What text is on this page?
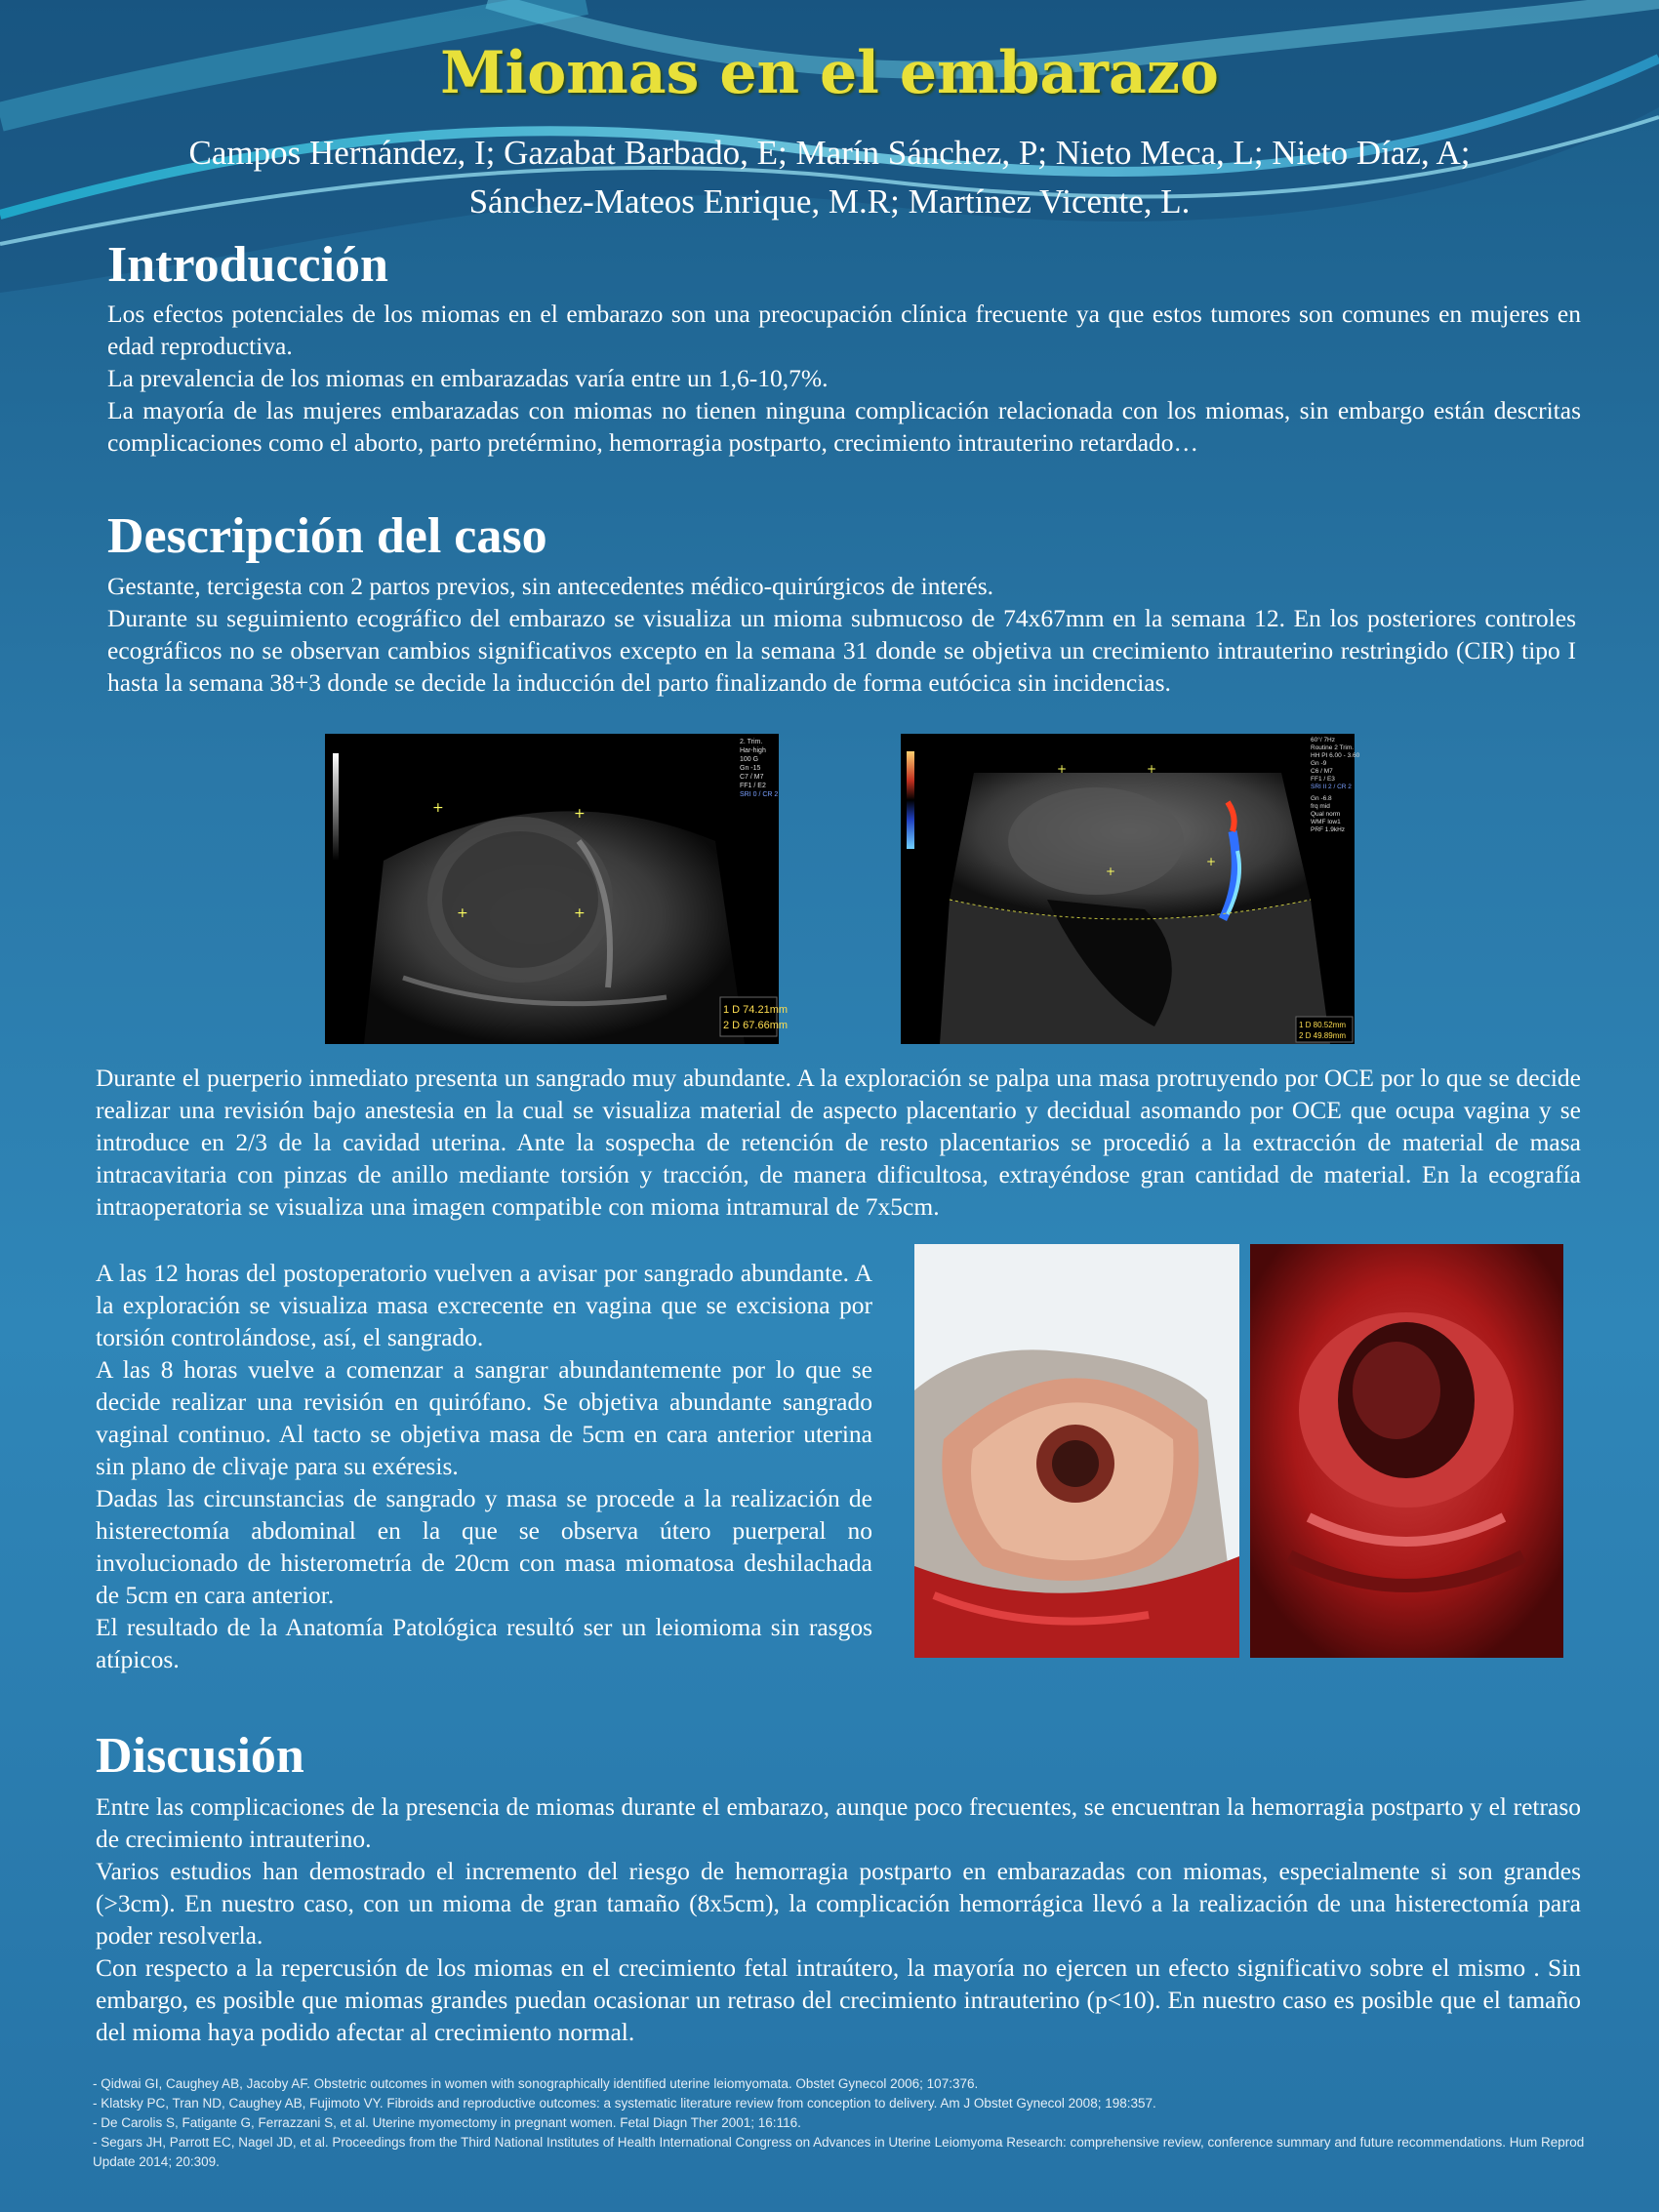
Miomas en el embarazo
Campos Hernández, I; Gazabat Barbado, E; Marín Sánchez, P; Nieto Meca, L; Nieto Díaz, A; Sánchez-Mateos Enrique, M.R; Martínez Vicente, L.
Introducción
Los efectos potenciales de los miomas en el embarazo son una preocupación clínica frecuente ya que estos tumores son comunes en mujeres en edad reproductiva.
La prevalencia de los miomas en embarazadas varía entre un 1,6-10,7%.
La mayoría de las mujeres embarazadas con miomas no tienen ninguna complicación relacionada con los miomas, sin embargo están descritas complicaciones como el aborto, parto pretérmino, hemorragia postparto, crecimiento intrauterino retardado…
Descripción del caso
Gestante, tercigesta con 2 partos previos, sin antecedentes médico-quirúrgicos de interés.
Durante su seguimiento ecográfico del embarazo se visualiza un mioma submucoso de 74x67mm en la semana 12. En los posteriores controles ecográficos no se observan cambios significativos excepto en la semana 31 donde se objetiva un crecimiento intrauterino restringido (CIR) tipo I hasta la semana 38+3 donde se decide la inducción del parto finalizando de forma eutócica sin incidencias.
+	+
+	+
1 D 74.21mm
2 D 67.66mm
2. Trim.
Har-high
100 G
Gn -15
C7 / M7
FF1 / E2
SRI 0 / CR 2
+	+
+
+
1 D 80.52mm
2 D 49.89mm
60°/ 7Hz
Routine 2 Trim.
HH PI 6.00 - 3.60
Gn -9
C6 / M7
FF1 / E3
SRI II 2 / CR 2
Gn -6.8
frq mid
Qual norm
WMF low1
PRF 1.9kHz
Durante el puerperio inmediato presenta un sangrado muy abundante. A la exploración se palpa una masa protruyendo por OCE por lo que se decide realizar una revisión bajo anestesia en la cual se visualiza material de aspecto placentario y decidual asomando por OCE que ocupa vagina y se introduce en 2/3 de la cavidad uterina. Ante la sospecha de retención de resto placentarios se procedió a la extracción de material de masa intracavitaria con pinzas de anillo mediante torsión y tracción, de manera dificultosa, extrayéndose gran cantidad de material. En la ecografía intraoperatoria se visualiza una imagen compatible con mioma intramural de 7x5cm.
A las 12 horas del postoperatorio vuelven a avisar por sangrado abundante. A la exploración se visualiza masa excrecente en vagina que se excisiona por torsión controlándose, así, el sangrado.
A las 8 horas vuelve a comenzar a sangrar abundantemente por lo que se decide realizar una revisión en quirófano. Se objetiva abundante sangrado vaginal continuo. Al tacto se objetiva masa de 5cm en cara anterior uterina sin plano de clivaje para su exéresis.
Dadas las circunstancias de sangrado y masa se procede a la realización de histerectomía abdominal en la que se observa útero puerperal no involucionado de histerometría de 20cm con masa miomatosa deshilachada de 5cm en cara anterior.
El resultado de la Anatomía Patológica resultó ser un leiomioma sin rasgos atípicos.
Discusión
Entre las complicaciones de la presencia de miomas durante el embarazo, aunque poco frecuentes, se encuentran la hemorragia postparto y el retraso de crecimiento intrauterino.
Varios estudios han demostrado el incremento del riesgo de hemorragia postparto en embarazadas con miomas, especialmente si son grandes (>3cm). En nuestro caso, con un mioma de gran tamaño (8x5cm), la complicación hemorrágica llevó a la realización de una histerectomía para poder resolverla.
Con respecto a la repercusión de los miomas en el crecimiento fetal intraútero, la mayoría no ejercen un efecto significativo sobre el mismo . Sin embargo, es posible que miomas grandes puedan ocasionar un retraso del crecimiento intrauterino (p<10). En nuestro caso es posible que el tamaño del mioma haya podido afectar al crecimiento normal.
- Qidwai GI, Caughey AB, Jacoby AF. Obstetric outcomes in women with sonographically identified uterine leiomyomata. Obstet Gynecol 2006; 107:376.
- Klatsky PC, Tran ND, Caughey AB, Fujimoto VY. Fibroids and reproductive outcomes: a systematic literature review from conception to delivery. Am J Obstet Gynecol 2008; 198:357.
- De Carolis S, Fatigante G, Ferrazzani S, et al. Uterine myomectomy in pregnant women. Fetal Diagn Ther 2001; 16:116.
- Segars JH, Parrott EC, Nagel JD, et al. Proceedings from the Third National Institutes of Health International Congress on Advances in Uterine Leiomyoma Research: comprehensive review, conference summary and future recommendations. Hum Reprod Update 2014; 20:309.
